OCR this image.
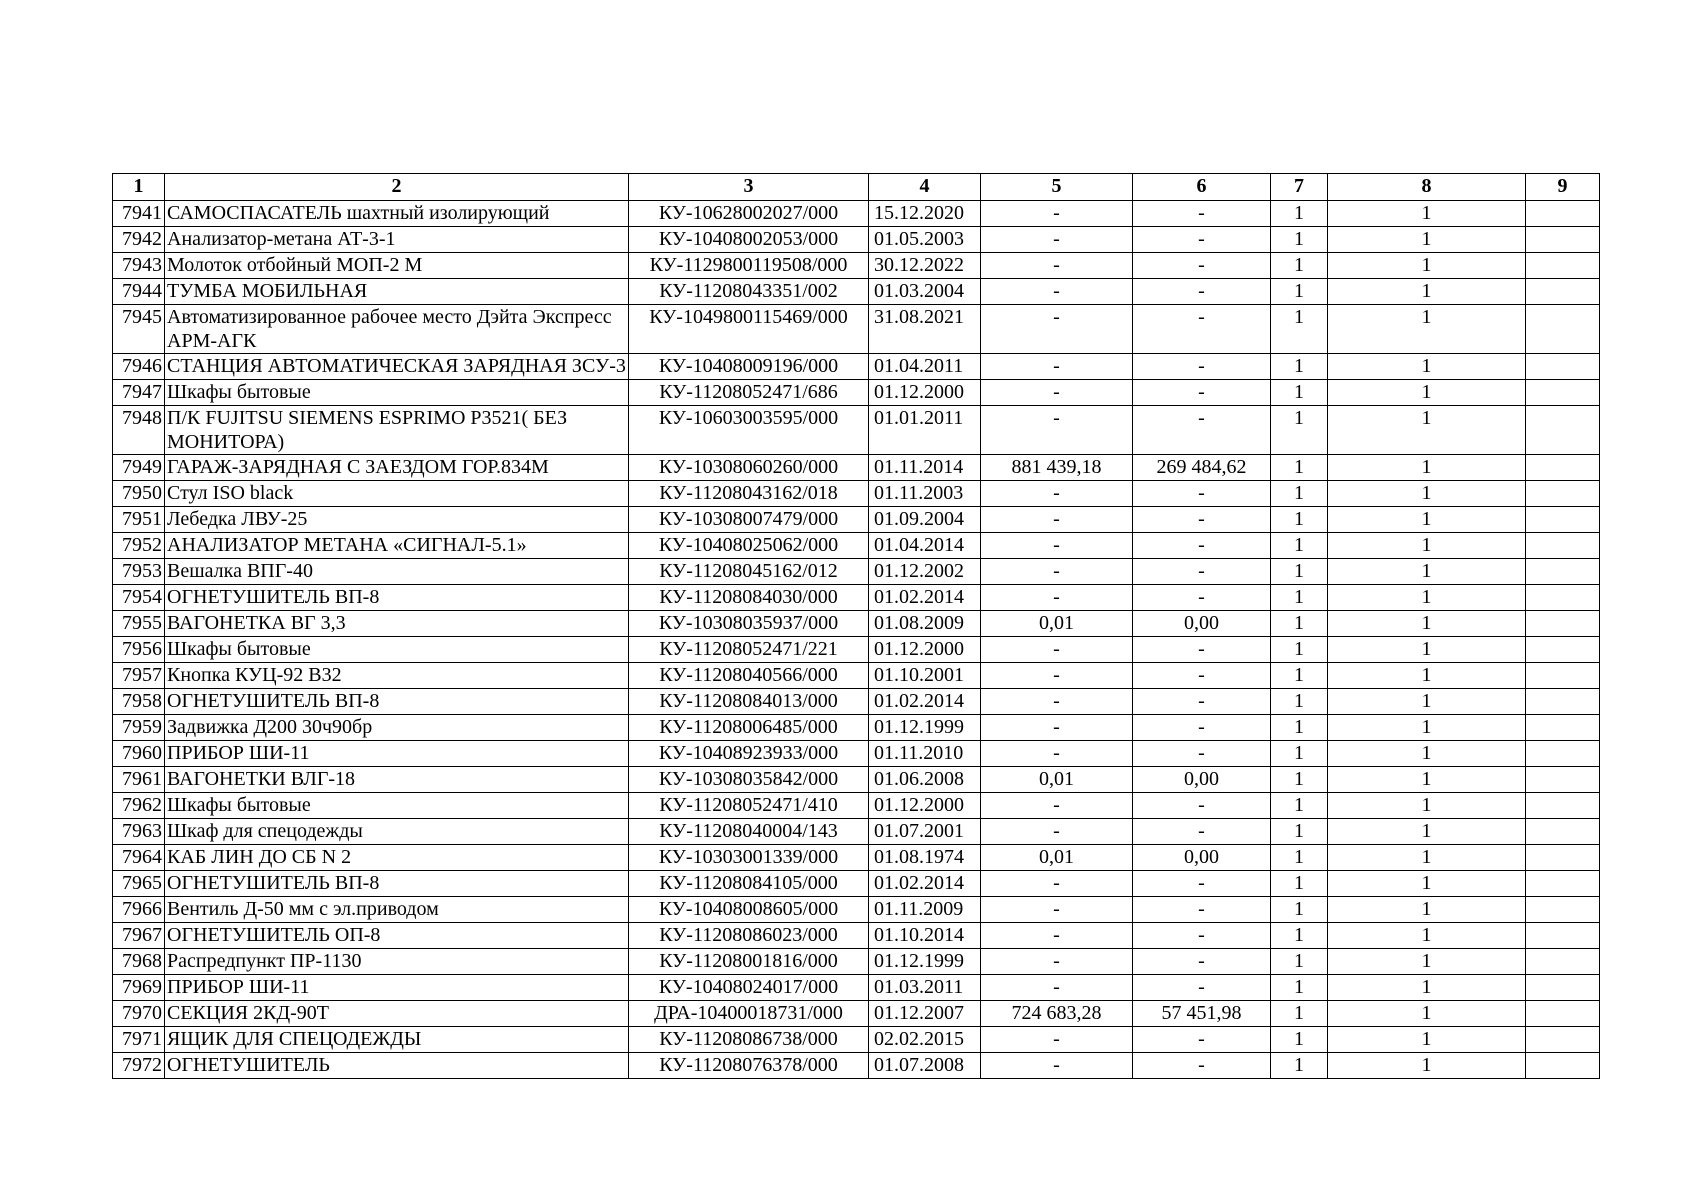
1	2	3	4	5	6	7	8	9
7941	САМОСПАСАТЕЛЬ шахтный изолирующий	КУ-10628002027/000	15.12.2020	-	-	1	1	
7942	Анализатор-метана АТ-3-1	КУ-10408002053/000	01.05.2003	-	-	1	1	
7943	Молоток отбойный МОП-2 М	КУ-112980011950​8/000	30.12.2022	-	-	1	1	
7944	ТУМБА МОБИЛЬНАЯ	КУ-11208043351/002	01.03.2004	-	-	1	1	
7945	Автоматизированное рабочее место Дэйта Экспресс АРМ-АГК	КУ-1049800115469/000	31.08.2021	-	-	1	1	
7946	СТАНЦИЯ АВТОМАТИЧЕСКАЯ ЗАРЯДНАЯ ЗСУ-3	КУ-10408009196/000	01.04.2011	-	-	1	1	
7947	Шкафы бытовые	КУ-11208052471/686	01.12.2000	-	-	1	1	
7948	П/К FUJITSU SIEMENS ESPRIMO P3521( БЕЗ МОНИТОРА)	КУ-10603003595/000	01.01.2011	-	-	1	1	
7949	ГАРАЖ-ЗАРЯДНАЯ С ЗАЕЗДОМ ГОР.834М	КУ-10308060260/000	01.11.2014	881 439,18	269 484,62	1	1	
7950	Стул ISO black	КУ-11208043162/018	01.11.2003	-	-	1	1	
7951	Лебедка ЛВУ-25	КУ-10308007479/000	01.09.2004	-	-	1	1	
7952	АНАЛИЗАТОР МЕТАНА «СИГНАЛ-5.1»	КУ-10408025062/000	01.04.2014	-	-	1	1	
7953	Вешалка ВПГ-40	КУ-11208045162/012	01.12.2002	-	-	1	1	
7954	ОГНЕТУШИТЕЛЬ ВП-8	КУ-11208084030/000	01.02.2014	-	-	1	1	
7955	ВАГОНЕТКА ВГ 3,3	КУ-10308035937/000	01.08.2009	0,01	0,00	1	1	
7956	Шкафы бытовые	КУ-11208052471/221	01.12.2000	-	-	1	1	
7957	Кнопка КУЦ-92 В32	КУ-11208040566/000	01.10.2001	-	-	1	1	
7958	ОГНЕТУШИТЕЛЬ ВП-8	КУ-11208084013/000	01.02.2014	-	-	1	1	
7959	Задвижка Д200 30ч90бр	КУ-11208006485/000	01.12.1999	-	-	1	1	
7960	ПРИБОР ШИ-11	КУ-10408923933/000	01.11.2010	-	-	1	1	
7961	ВАГОНЕТКИ ВЛГ-18	КУ-10308035842/000	01.06.2008	0,01	0,00	1	1	
7962	Шкафы бытовые	КУ-11208052471/410	01.12.2000	-	-	1	1	
7963	Шкаф для спецодежды	КУ-11208040004/143	01.07.2001	-	-	1	1	
7964	КАБ ЛИН ДО СБ N 2	КУ-10303001339/000	01.08.1974	0,01	0,00	1	1	
7965	ОГНЕТУШИТЕЛЬ ВП-8	КУ-11208084105/000	01.02.2014	-	-	1	1	
7966	Вентиль Д-50 мм с эл.приводом	КУ-10408008605/000	01.11.2009	-	-	1	1	
7967	ОГНЕТУШИТЕЛЬ ОП-8	КУ-11208086023/000	01.10.2014	-	-	1	1	
7968	Распредпункт ПР-1130	КУ-11208001816/000	01.12.1999	-	-	1	1	
7969	ПРИБОР ШИ-11	КУ-10408024017/000	01.03.2011	-	-	1	1	
7970	СЕКЦИЯ 2КД-90Т	ДРА-10400018731/000	01.12.2007	724 683,28	57 451,98	1	1	
7971	ЯЩИК ДЛЯ СПЕЦОДЕЖДЫ	КУ-11208086738/000	02.02.2015	-	-	1	1	
7972	ОГНЕТУШИТЕЛЬ	КУ-11208076378/000	01.07.2008	-	-	1	1	
